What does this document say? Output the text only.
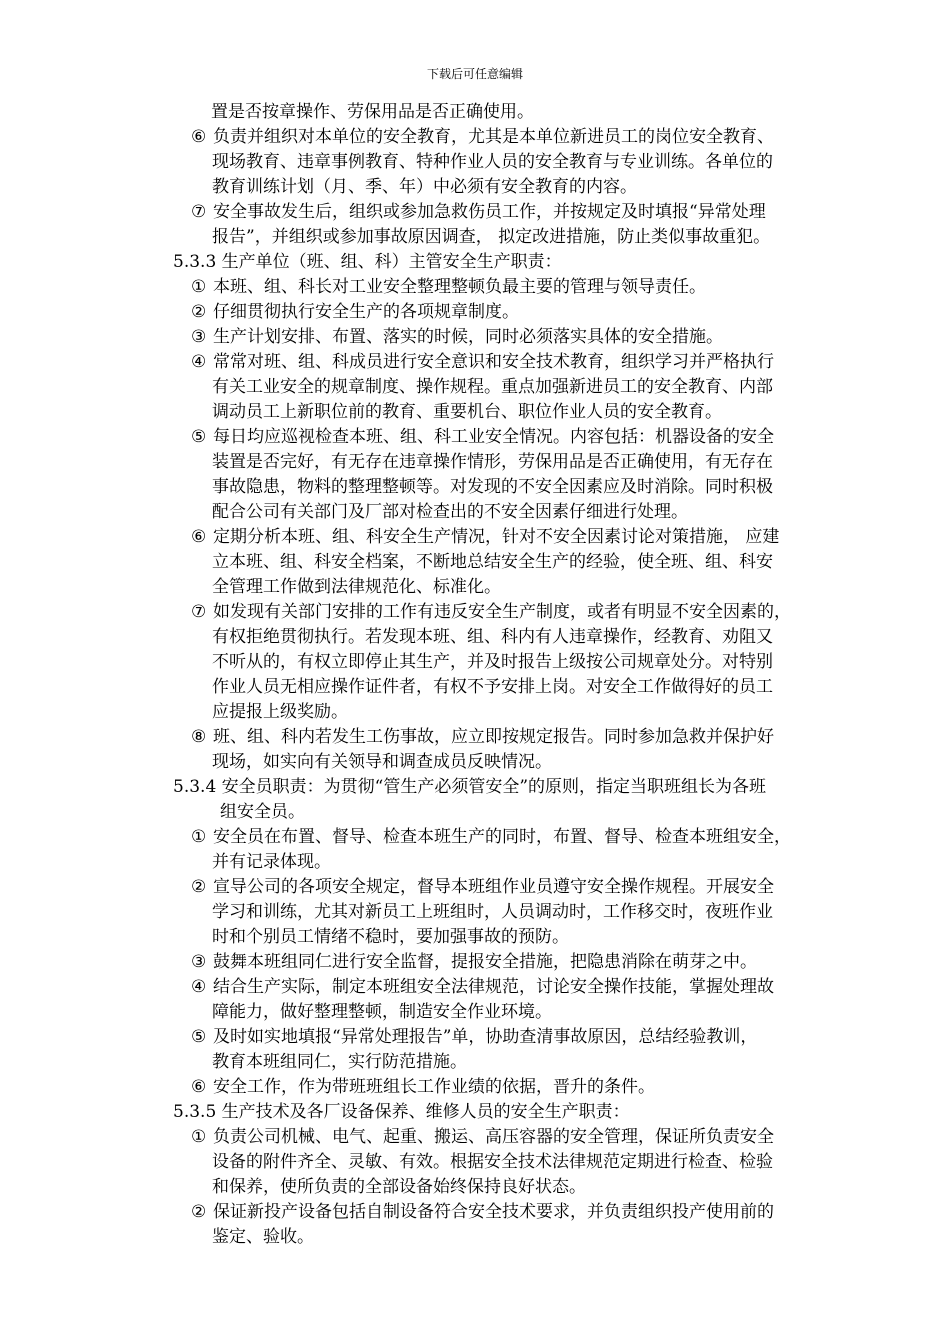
下载后可任意编辑
置是否按章操作、劳保用品是否正确使用。
⑥ 负责并组织对本单位的安全教育，尤其是本单位新进员工的岗位安全教育、
现场教育、违章事例教育、特种作业人员的安全教育与专业训练。各单位的
教育训练计划（月、季、年）中必须有安全教育的内容。
⑦ 安全事故发生后，组织或参加急救伤员工作，并按规定及时填报“异常处理
报告”，并组织或参加事故原因调查， 拟定改进措施，防止类似事故重犯。
5.3.3 生产单位（班、组、科）主管安全生产职责：
① 本班、组、科长对工业安全整理整顿负最主要的管理与领导责任。
② 仔细贯彻执行安全生产的各项规章制度。
③ 生产计划安排、布置、落实的时候，同时必须落实具体的安全措施。
④ 常常对班、组、科成员进行安全意识和安全技术教育，组织学习并严格执行
有关工业安全的规章制度、操作规程。重点加强新进员工的安全教育、内部
调动员工上新职位前的教育、重要机台、职位作业人员的安全教育。
⑤ 每日均应巡视检查本班、组、科工业安全情况。内容包括：机器设备的安全
装置是否完好，有无存在违章操作情形，劳保用品是否正确使用，有无存在
事故隐患，物料的整理整顿等。对发现的不安全因素应及时消除。同时积极
配合公司有关部门及厂部对检查出的不安全因素仔细进行处理。
⑥ 定期分析本班、组、科安全生产情况，针对不安全因素讨论对策措施， 应建
立本班、组、科安全档案，不断地总结安全生产的经验，使全班、组、科安
全管理工作做到法律规范化、标准化。
⑦ 如发现有关部门安排的工作有违反安全生产制度，或者有明显不安全因素的，
有权拒绝贯彻执行。若发现本班、组、科内有人违章操作，经教育、劝阻又
不听从的，有权立即停止其生产，并及时报告上级按公司规章处分。对特别
作业人员无相应操作证件者，有权不予安排上岗。对安全工作做得好的员工
应提报上级奖励。
⑧ 班、组、科内若发生工伤事故，应立即按规定报告。同时参加急救并保护好
现场，如实向有关领导和调查成员反映情况。
5.3.4 安全员职责：为贯彻“管生产必须管安全”的原则，指定当职班组长为各班
组安全员。
① 安全员在布置、督导、检查本班生产的同时，布置、督导、检查本班组安全，
并有记录体现。
② 宣导公司的各项安全规定，督导本班组作业员遵守安全操作规程。开展安全
学习和训练，尤其对新员工上班组时，人员调动时，工作移交时，夜班作业
时和个别员工情绪不稳时，要加强事故的预防。
③ 鼓舞本班组同仁进行安全监督，提报安全措施，把隐患消除在萌芽之中。
④ 结合生产实际，制定本班组安全法律规范，讨论安全操作技能，掌握处理故
障能力，做好整理整顿，制造安全作业环境。
⑤ 及时如实地填报“异常处理报告”单，协助查清事故原因，总结经验教训，
教育本班组同仁，实行防范措施。
⑥ 安全工作，作为带班班组长工作业绩的依据，晋升的条件。
5.3.5 生产技术及各厂设备保养、维修人员的安全生产职责：
① 负责公司机械、电气、起重、搬运、高压容器的安全管理，保证所负责安全
设备的附件齐全、灵敏、有效。根据安全技术法律规范定期进行检查、检验
和保养，使所负责的全部设备始终保持良好状态。
② 保证新投产设备包括自制设备符合安全技术要求，并负责组织投产使用前的
鉴定、验收。
